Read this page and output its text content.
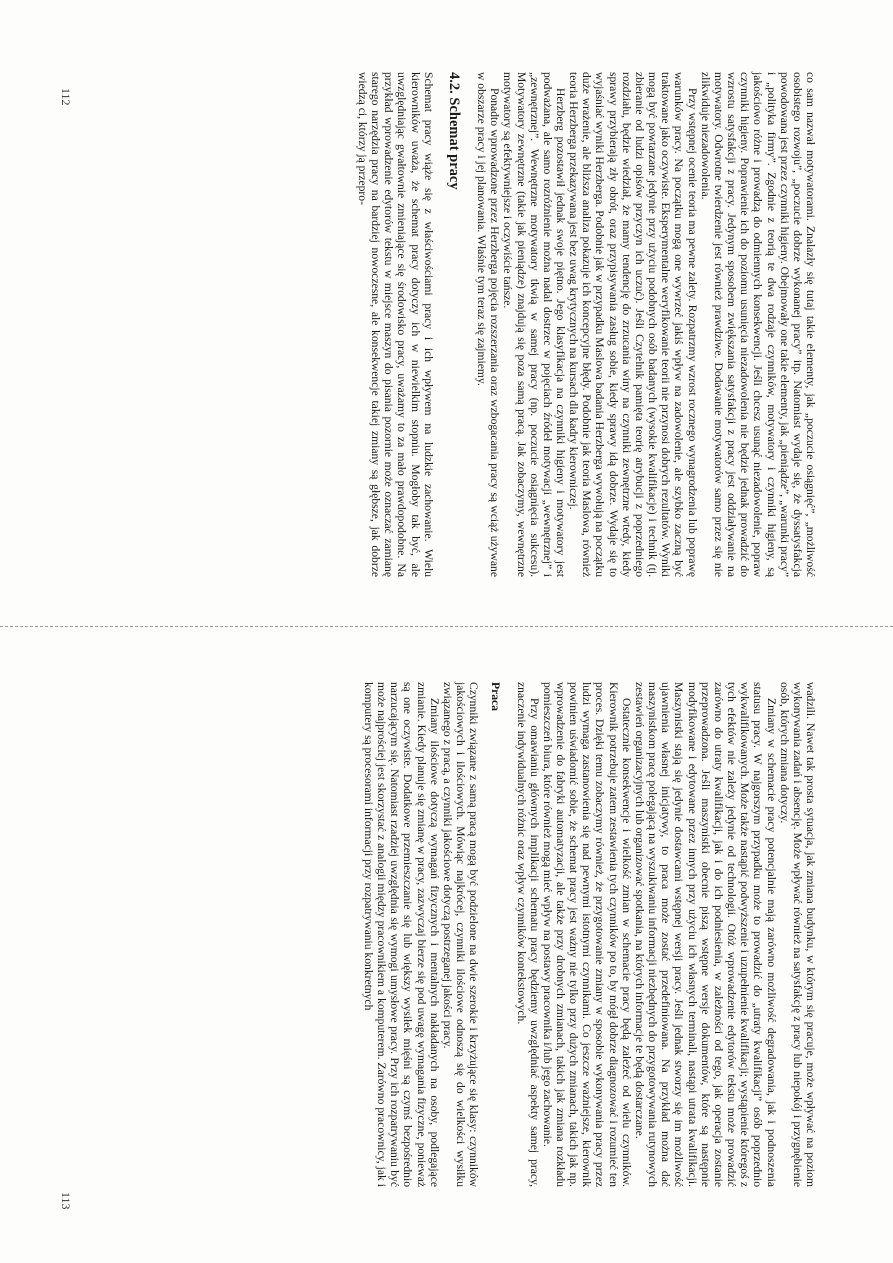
co sam nazwał motywatorami. Znalazły się tutaj takie elementy, jak „poczucie osiągnięć”, „możliwość osobistego rozwoju”, „poczucie dobrze wykonanej pracy” itp. Natomiast wydaje się, że dyssatysfakcja powodowana jest przez czynniki higieny. Obejmowały one takie elementy, jak „pieniądze”, „warunki pracy” i „polityka firmy”. Zgodnie z teorią te dwa rodzaje czynników, motywatory i czynniki higieny, są jakościowo różne i prowadzą do odmiennych konsekwencji. Jeśli chcesz usunąć niezadowolenie, popraw czynniki higieny. Poprawienie ich do poziomu usunięcia niezadowolenia nie będzie jednak prowadzić do wzrostu satysfakcji z pracy. Jedynym sposobem zwiększania satysfakcji z pracy jest oddziaływanie na motywatory. Odwrotne twierdzenie jest również prawdziwe. Dodawanie motywatorów samo przez się nie zlikwiduje niezadowolenia.

Przy wstępnej ocenie teoria ma pewne zalety. Rozpatrzmy wzrost rocznego wynagrodzenia lub poprawę warunków pracy. Na początku mogą one wywrzeć jakiś wpływ na zadowolenie, ale szybko zaczną być traktowane jako oczywiste. Eksperymentalne weryfikowanie teorii nie przynosi dobrych rezultatów. Wyniki mogą być powtarzane jedynie przy użyciu podobnych osób badanych (wysokie kwalifikacje) i technik (tj. zbieranie od ludzi opisów przyczyn ich uczuć). Jeśli Czytelnik pamięta teorię atrybucji z poprzedniego rozdziału, będzie wiedział, że mamy tendencję do zrzucania winy na czynniki zewnętrzne wtedy, kiedy sprawy przybierają zły obrót, oraz przypisywania zasług sobie, kiedy sprawy idą dobrze. Wydaje się to wyjaśniać wyniki Herzberga. Podobnie jak w przypadku Maslowa badania Herzberga wywołują na początku duże wrażenie, ale bliższa analiza pokazuje ich koncepcyjne błędy. Podobnie jak teoria Maslowa, również teoria Herzberga przekazywana jest bez uwag krytycznych na kursach dla kadry kierowniczej.

Herzberg pozostawił jednak swoje piętno. Jego klasyfikacja na czynniki higieny i motywatory jest podważana, ale samo rozróżnienie można nadal dostrzec w pojęciach źródeł motywacji „wewnętrznej” i „zewnętrznej”. Wewnętrzne motywatory tkwią w samej pracy (np. poczucie osiągnięcia sukcesu). Motywatory zewnętrzne (takie jak pieniądze) znajdują się poza samą pracą. Jak zobaczymy, wewnętrzne motywatory są efektywniejsze i oczywiście tańsze.

Ponadto wprowadzone przez Herzberga pojęcia rozszerzania oraz wzbogacania pracy są wciąż używane w obszarze pracy i jej planowania. Właśnie tym teraz się zajmiemy.

4.2. Schemat pracy

Schemat pracy wiąże się z właściwościami pracy i ich wpływem na ludzkie zachowanie. Wielu kierowników uważa, że schemat pracy dotyczy ich w niewielkim stopniu. Mogłoby tak być, ale uwzględniając gwałtownie zmieniające się środowisko pracy, uważamy to za mało prawdopodobne. Na przykład wprowadzenie edytorów tekstu w miejsce maszyn do pisania pozornie może oznaczać zamianę starego narzędzia pracy na bardziej nowoczesne, ale konsekwencje takiej zmiany są głębsze, jak dobrze wiedzą ci, którzy ją przepro-

112

wadzili. Nawet tak prosta sytuacja, jak zmiana budynku, w którym się pracuje, może wpływać na poziom wykonywania zadań i absencję. Może wpływać również na satysfakcję z pracy lub niepokój i przygnębienie osób, których zmiana dotyczy.

Zmiany w schemacie pracy potencjalnie mają zarówno możliwość degradowania, jak i podnoszenia statusu pracy. W najgorszym przypadku może to prowadzić do „utraty kwalifikacji” osób poprzednio wykwalifikowanych. Może także nastąpić podwyższenie i uzupełnienie kwalifikacji; wystąpienie któregoś z tych efektów nie zależy jedynie od technologii. Otóż wprowadzenie edytorów tekstu może prowadzić zarówno do utraty kwalifikacji, jak i do ich podniesienia, w zależności od tego, jak operacja zostanie przeprowadzona. Jeśli maszynistki obecnie piszą wstępne wersje dokumentów, które są następnie modyfikowane i edytowane przez innych przy użyciu ich własnych terminali, nastąpi utrata kwalifikacji. Maszynistki stają się jedynie dostawcami wstępnej wersji pracy. Jeśli jednak stworzy się im możliwość ujawnienia własnej inicjatywy, to praca może zostać przedefiniowana. Na przykład można dać maszynistkom pracę polegającą na wyszukiwaniu informacji niezbędnych do przygotowywania rutynowych zestawień organizacyjnych lub organizować spotkania, na których informacje te będą dostarczane.

Ostatecznie konsekwencje i wielkość zmian w schemacie pracy będą zależeć od wielu czynników. Kierownik potrzebuje zatem zestawienia tych czynników po to, by mógł dobrze diagnozować i rozumieć ten proces. Dzięki temu zobaczymy również, że przygotowanie zmiany w sposobie wykonywania pracy przez ludzi wymaga zastanowienia się nad pewnymi istotnymi czynnikami. Co jeszcze ważniejsze, kierownik powinien uświadomić sobie, że schemat pracy jest ważny nie tylko przy dużych zmianach, takich jak np. wprowadzenie do fabryki automatyzacji, ale także przy drobnych zmianach, takich jak zmiana rozkładu pomieszczeń biura, które również mogą mieć wpływ na postawy pracownika i/lub jego zachowanie.

Przy omawianiu głównych implikacji schematu pracy będziemy uwzględniać aspekty samej pracy, znaczenie indywidualnych różnic oraz wpływ czynników kontekstowych.

Praca

Czynniki związane z samą pracą mogą być podzielone na dwie szerokie i krzyżujące się klasy: czynników jakościowych i ilościowych. Mówiąc najkrócej, czynniki ilościowe odnoszą się do wielkości wysiłku związanego z pracą, a czynniki jakościowe dotyczą postrzeganej jakości pracy.

Zmiany ilościowe dotyczą wymagań fizycznych i mentalnych nakładanych na osoby, podlegające zmianie. Kiedy planuje się zmianę w pracy, zazwyczaj bierze się pod uwagę wymagania fizyczne, ponieważ są one oczywiste. Dodatkowe przemieszczanie się lub większy wysiłek mięśni są czymś bezpośrednio narzucającym się. Natomiast rzadziej uwzględnia się wymogi umysłowe pracy. Przy ich rozpatrywaniu być może najprościej jest skorzystać z analogii między pracownikiem a komputerem. Zarówno pracownicy, jak i komputery są procesorami informacji przy rozpatrywaniu konkretnych

113
